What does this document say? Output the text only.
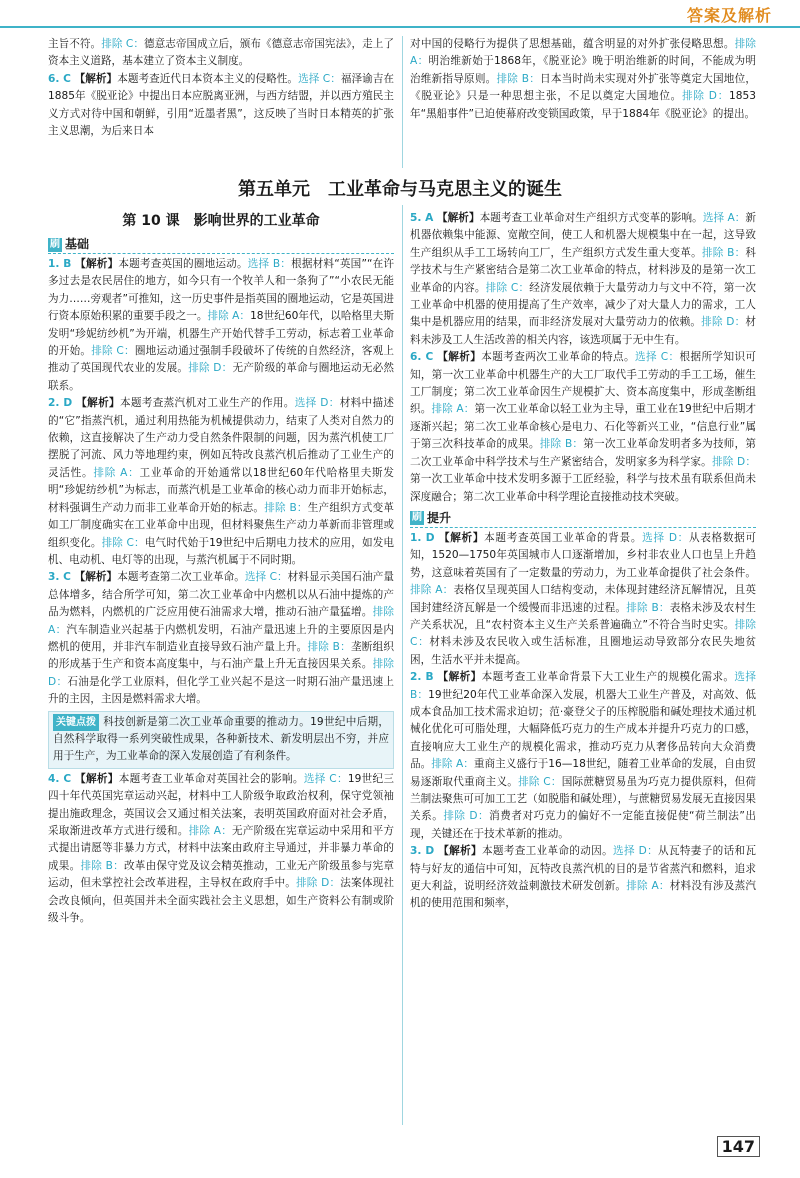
答案及解析

主旨不符。排除 C：德意志帝国成立后，颁布《德意志帝国宪法》，走上了资本主义道路，基本建立了资本主义制度。

6. C 【解析】本题考查近代日本资本主义的侵略性。选择 C：福泽谕吉在1885年《脱亚论》中提出日本应脱离亚洲，与西方结盟，并以西方殖民主义方式对待中国和朝鲜，引用“近墨者黑”，这反映了当时日本精英的扩张主义思潮，为后来日本

对中国的侵略行为提供了思想基础，蕴含明显的对外扩张侵略思想。排除 A：明治维新始于1868年，《脱亚论》晚于明治维新的时间，不能成为明治维新指导原则。排除 B：日本当时尚未实现对外扩张等奠定大国地位，《脱亚论》只是一种思想主张，不足以奠定大国地位。排除 D：1853年“黑船事件”已迫使幕府改变锁国政策，早于1884年《脱亚论》的提出。

第五单元　工业革命与马克思主义的诞生
第 10 课　影响世界的工业革命
刷 基础

1. B 【解析】本题考查英国的圈地运动。选择 B：根据材料“英国”“在许多过去是农民居住的地方，如今只有一个牧羊人和一条狗了”“小农民无能为力……旁观者”可推知，这一历史事件是指英国的圈地运动，它是英国进行资本原始积累的重要手段之一。排除 A：18世纪60年代，以哈格里夫斯发明“珍妮纺纱机”为开端，机器生产开始代替手工劳动，标志着工业革命的开始。排除 C：圈地运动通过强制手段破坏了传统的自然经济，客观上推动了英国现代农业的发展。排除 D：无产阶级的革命与圈地运动无必然联系。

2. D 【解析】本题考查蒸汽机对工业生产的作用。选择 D：材料中描述的“它”指蒸汽机，通过利用热能为机械提供动力，结束了人类对自然力的依赖，这直接解决了生产动力受自然条件限制的问题，因为蒸汽机使工厂摆脱了河流、风力等地理约束，例如瓦特改良蒸汽机后推动了工业生产的灵活性。排除 A：工业革命的开始通常以18世纪60年代哈格里夫斯发明“珍妮纺纱机”为标志，而蒸汽机是工业革命的核心动力而非开始标志，材料强调生产动力而非工业革命开始的标志。排除 B：生产组织方式变革如工厂制度确实在工业革命中出现，但材料聚焦生产动力革新而非管理或组织变化。排除 C：电气时代始于19世纪中后期电力技术的应用，如发电机、电动机、电灯等的出现，与蒸汽机属于不同时期。

3. C 【解析】本题考查第二次工业革命。选择 C：材料显示美国石油产量总体增多，结合所学可知，第二次工业革命中内燃机以从石油中提炼的产品为燃料，内燃机的广泛应用使石油需求大增，推动石油产量猛增。排除 A：汽车制造业兴起基于内燃机发明，石油产量迅速上升的主要原因是内燃机的使用，并非汽车制造业直接导致石油产量上升。排除 B：垄断组织的形成基于生产和资本高度集中，与石油产量上升无直接因果关系。排除 D：石油是化学工业原料，但化学工业兴起不是这一时期石油产量迅速上升的主因，主因是燃料需求大增。

关键点拨 科技创新是第二次工业革命重要的推动力。19世纪中后期，自然科学取得一系列突破性成果，各种新技术、新发明层出不穷，并应用于生产，为工业革命的深入发展创造了有利条件。

4. C 【解析】本题考查工业革命对英国社会的影响。选择 C：19世纪三四十年代英国宪章运动兴起，材料中工人阶级争取政治权利，保守党领袖提出施政理念，英国议会又通过相关法案，表明英国政府面对社会矛盾，采取渐进改革方式进行缓和。排除 A：无产阶级在宪章运动中采用和平方式提出请愿等非暴力方式，材料中法案由政府主导通过，并非暴力革命的成果。排除 B：改革由保守党及议会精英推动，工业无产阶级虽参与宪章运动，但未掌控社会改革进程，主导权在政府手中。排除 D：法案体现社会改良倾向，但英国并未全面实践社会主义思想，如生产资料公有制或阶级斗争。

5. A 【解析】本题考查工业革命对生产组织方式变革的影响。选择 A：新机器依赖集中能源、宽敞空间，使工人和机器大规模集中在一起，这导致生产组织从手工工场转向工厂，生产组织方式发生重大变革。排除 B：科学技术与生产紧密结合是第二次工业革命的特点，材料涉及的是第一次工业革命的内容。排除 C：经济发展依赖于大量劳动力与文中不符，第一次工业革命中机器的使用提高了生产效率，减少了对大量人力的需求，工人集中是机器应用的结果，而非经济发展对大量劳动力的依赖。排除 D：材料未涉及工人生活改善的相关内容，该选项属于无中生有。

6. C 【解析】本题考查两次工业革命的特点。选择 C：根据所学知识可知，第一次工业革命中机器生产的大工厂取代手工劳动的手工工场，催生工厂制度；第二次工业革命因生产规模扩大、资本高度集中，形成垄断组织。排除 A：第一次工业革命以轻工业为主导，重工业在19世纪中后期才逐渐兴起；第二次工业革命核心是电力、石化等新兴工业，“信息行业”属于第三次科技革命的成果。排除 B：第一次工业革命发明者多为技师，第二次工业革命中科学技术与生产紧密结合，发明家多为科学家。排除 D：第一次工业革命中技术发明多源于工匠经验，科学与技术虽有联系但尚未深度融合；第二次工业革命中科学理论直接推动技术突破。

刷 提升

1. D 【解析】本题考查英国工业革命的背景。选择 D：从表格数据可知，1520—1750年英国城市人口逐渐增加，乡村非农业人口也呈上升趋势，这意味着英国有了一定数量的劳动力，为工业革命提供了社会条件。排除 A：表格仅呈现英国人口结构变动，未体现封建经济瓦解情况，且英国封建经济瓦解是一个缓慢而非迅速的过程。排除 B：表格未涉及农村生产关系状况，且“农村资本主义生产关系普遍确立”不符合当时史实。排除 C：材料未涉及农民收入或生活标准，且圈地运动导致部分农民失地贫困，生活水平并未提高。

2. B 【解析】本题考查工业革命背景下大工业生产的规模化需求。选择 B：19世纪20年代工业革命深入发展，机器大工业生产普及，对高效、低成本食品加工技术需求迫切；范·豪登父子的压榨脱脂和碱处理技术通过机械化优化可可脂处理，大幅降低巧克力的生产成本并提升巧克力的口感，直接响应大工业生产的规模化需求，推动巧克力从奢侈品转向大众消费品。排除 A：重商主义盛行于16—18世纪，随着工业革命的发展，自由贸易逐渐取代重商主义。排除 C：国际蔗糖贸易虽为巧克力提供原料，但荷兰制法聚焦可可加工工艺（如脱脂和碱处理），与蔗糖贸易发展无直接因果关系。排除 D：消费者对巧克力的偏好不一定能直接促使“荷兰制法”出现，关键还在于技术革新的推动。

3. D 【解析】本题考查工业革命的动因。选择 D：从瓦特妻子的话和瓦特与好友的通信中可知，瓦特改良蒸汽机的目的是节省蒸汽和燃料，追求更大利益，说明经济效益刺激技术研发创新。排除 A：材料没有涉及蒸汽机的使用范围和频率，

147
